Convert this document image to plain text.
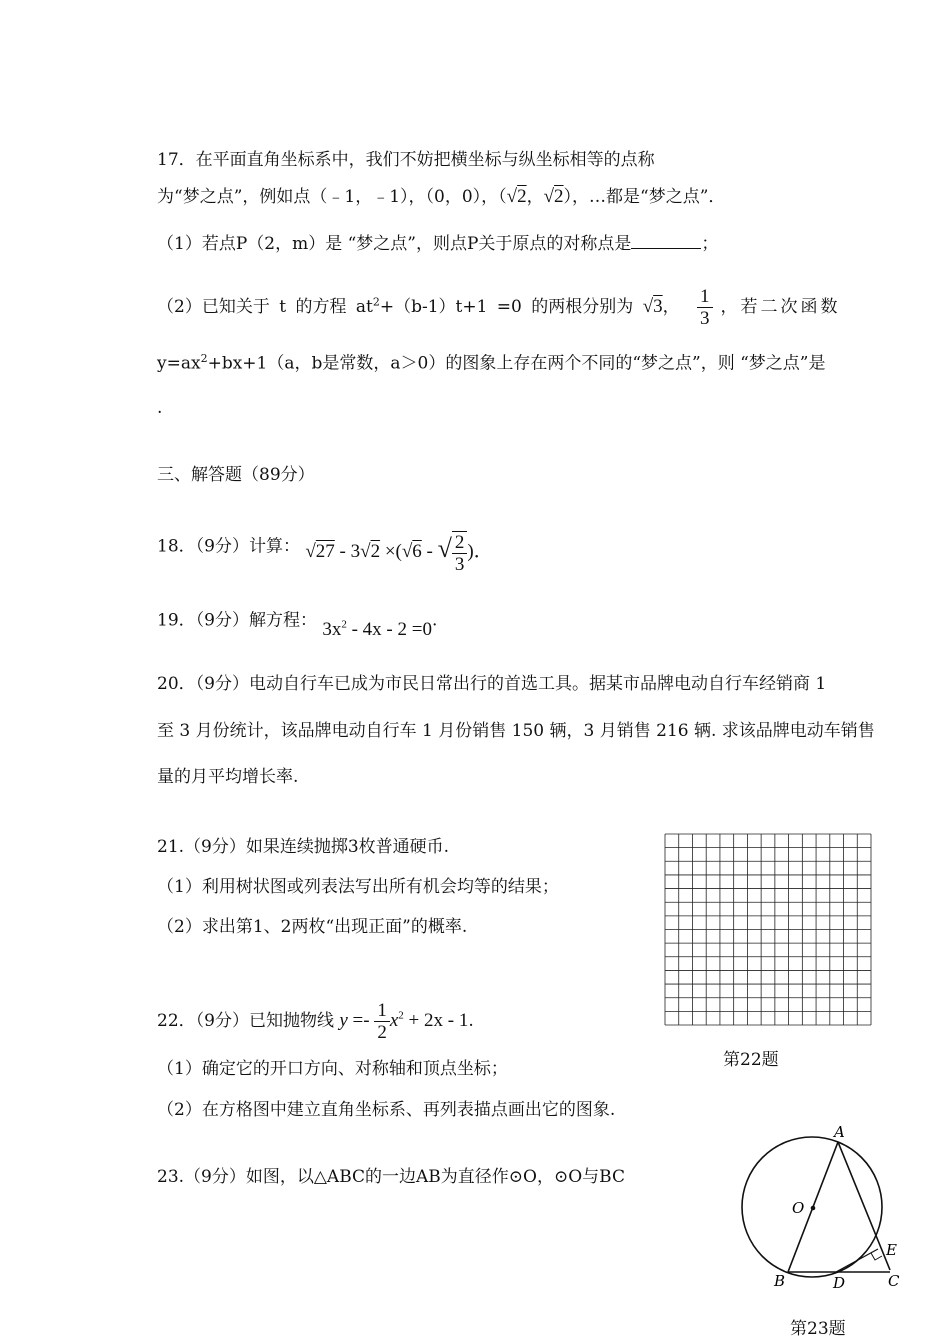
17．在平面直角坐标系中，我们不妨把横坐标与纵坐标相等的点称
为“梦之点”，例如点（﹣1，﹣1），（0，0），（√2，√2），…都是“梦之点”．
（1）若点P（2，m）是 “梦之点”，则点P关于原点的对称点是	；
（2）已知关于 t 的方程 $at^2+(b-1)t+1 =0$ 的两根分别为 √3， $\frac{1}{3}$ ，若二次函数
$y=ax^2+bx+1(a$，b是常数，a＞0）的图象上存在两个不同的“梦之点”，则 “梦之点”是
.
三、解答题（89分）
18．（9分）计算： √27 - 3√2 ×(√6 - √ $\frac{2}{3}$ )．
19．（9分）解方程： $3x^2 - 4x - 2 =0$.
20．（9分）电动自行车已成为市民日常出行的首选工具。据某市品牌电动自行车经销商 1
至 3 月份统计，该品牌电动自行车 1 月份销售 150 辆，3 月销售 216 辆. 求该品牌电动车销售
量的月平均增长率.
21.（9分）如果连续抛掷3枚普通硬币.
（1）利用树状图或列表法写出所有机会均等的结果；
（2）求出第1、2两枚“出现正面”的概率.
第22题
22．（9分）已知抛物线 $y =- \frac{1}{2} x^2 + 2x - 1$.
（1）确定它的开口方向、对称轴和顶点坐标；
（2）在方格图中建立直角坐标系、再列表描点画出它的图象.
23.（9分）如图，以△ABC的一边AB为直径作⊙O，⊙O与BC
A
O
E
B	D	C
第23题
